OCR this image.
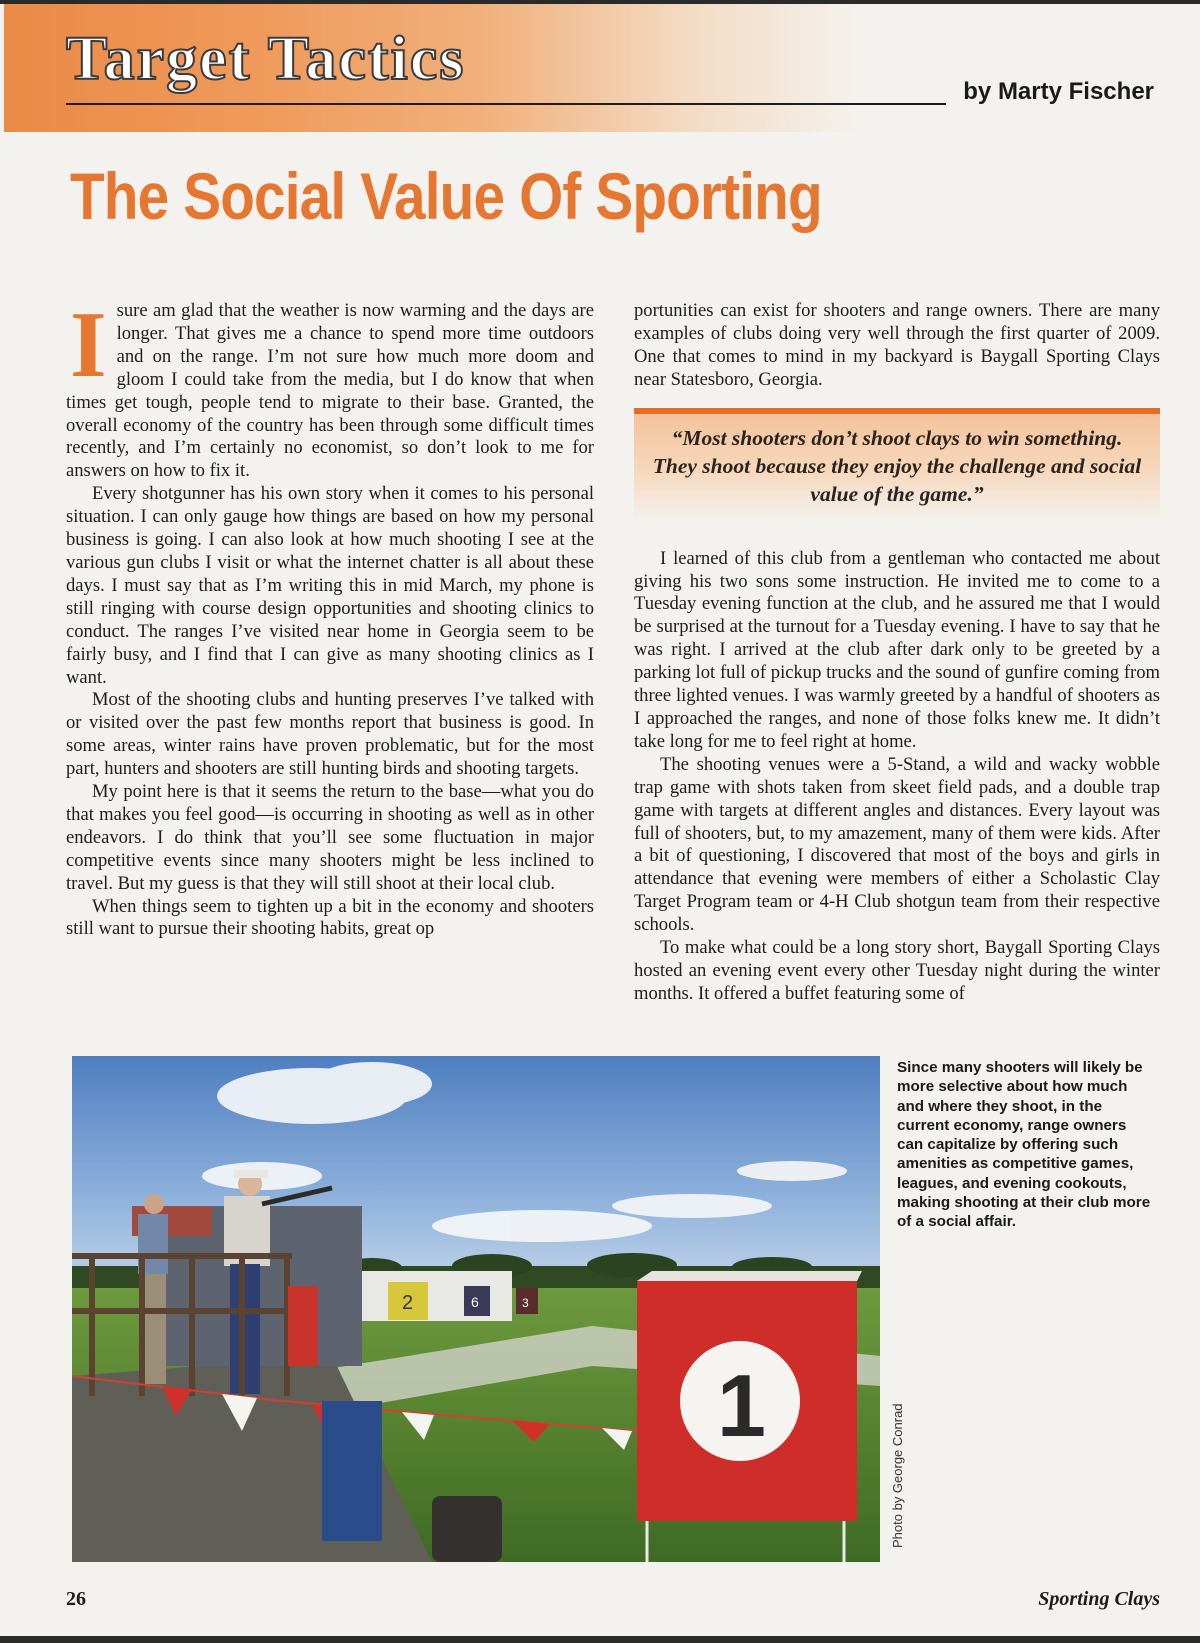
Target Tactics	by Marty Fischer
The Social Value Of Sporting

I sure am glad that the weather is now warming and the days are longer. That gives me a chance to spend more time outdoors and on the range. I’m not sure how much more doom and gloom I could take from the media, but I do know that when times get tough, people tend to migrate to their base. Granted, the overall economy of the country has been through some difficult times recently, and I’m certainly no economist, so don’t look to me for answers on how to fix it.

Every shotgunner has his own story when it comes to his personal situation. I can only gauge how things are based on how my personal business is going. I can also look at how much shooting I see at the various gun clubs I visit or what the internet chatter is all about these days. I must say that as I’m writing this in mid March, my phone is still ringing with course design opportunities and shooting clinics to conduct. The ranges I’ve visited near home in Georgia seem to be fairly busy, and I find that I can give as many shooting clinics as I want.

Most of the shooting clubs and hunting preserves I’ve talked with or visited over the past few months report that business is good. In some areas, winter rains have proven problematic, but for the most part, hunters and shooters are still hunting birds and shooting targets.

My point here is that it seems the return to the base—what you do that makes you feel good—is occurring in shooting as well as in other endeavors. I do think that you’ll see some fluctuation in major competitive events since many shooters might be less inclined to travel. But my guess is that they will still shoot at their local club.

When things seem to tighten up a bit in the economy and shooters still want to pursue their shooting habits, great op

portunities can exist for shooters and range owners. There are many examples of clubs doing very well through the first quarter of 2009. One that comes to mind in my backyard is Baygall Sporting Clays near Statesboro, Georgia.

“Most shooters don’t shoot clays to win something. They shoot because they enjoy the challenge and social value of the game.”

I learned of this club from a gentleman who contacted me about giving his two sons some instruction. He invited me to come to a Tuesday evening function at the club, and he assured me that I would be surprised at the turnout for a Tuesday evening. I have to say that he was right. I arrived at the club after dark only to be greeted by a parking lot full of pickup trucks and the sound of gunfire coming from three lighted venues. I was warmly greeted by a handful of shooters as I approached the ranges, and none of those folks knew me. It didn’t take long for me to feel right at home.

The shooting venues were a 5-Stand, a wild and wacky wobble trap game with shots taken from skeet field pads, and a double trap game with targets at different angles and distances. Every layout was full of shooters, but, to my amazement, many of them were kids. After a bit of questioning, I discovered that most of the boys and girls in attendance that evening were members of either a Scholastic Clay Target Program team or 4-H Club shotgun team from their respective schools.

To make what could be a long story short, Baygall Sporting Clays hosted an evening event every other Tuesday night during the winter months. It offered a buffet featuring some of

2	6	3
1	Photo by George Conrad

Since many shooters will likely be more selective about how much and where they shoot, in the current economy, range owners can capitalize by offering such amenities as competitive games, leagues, and evening cookouts, making shooting at their club more of a social affair.

26	Sporting Clays
